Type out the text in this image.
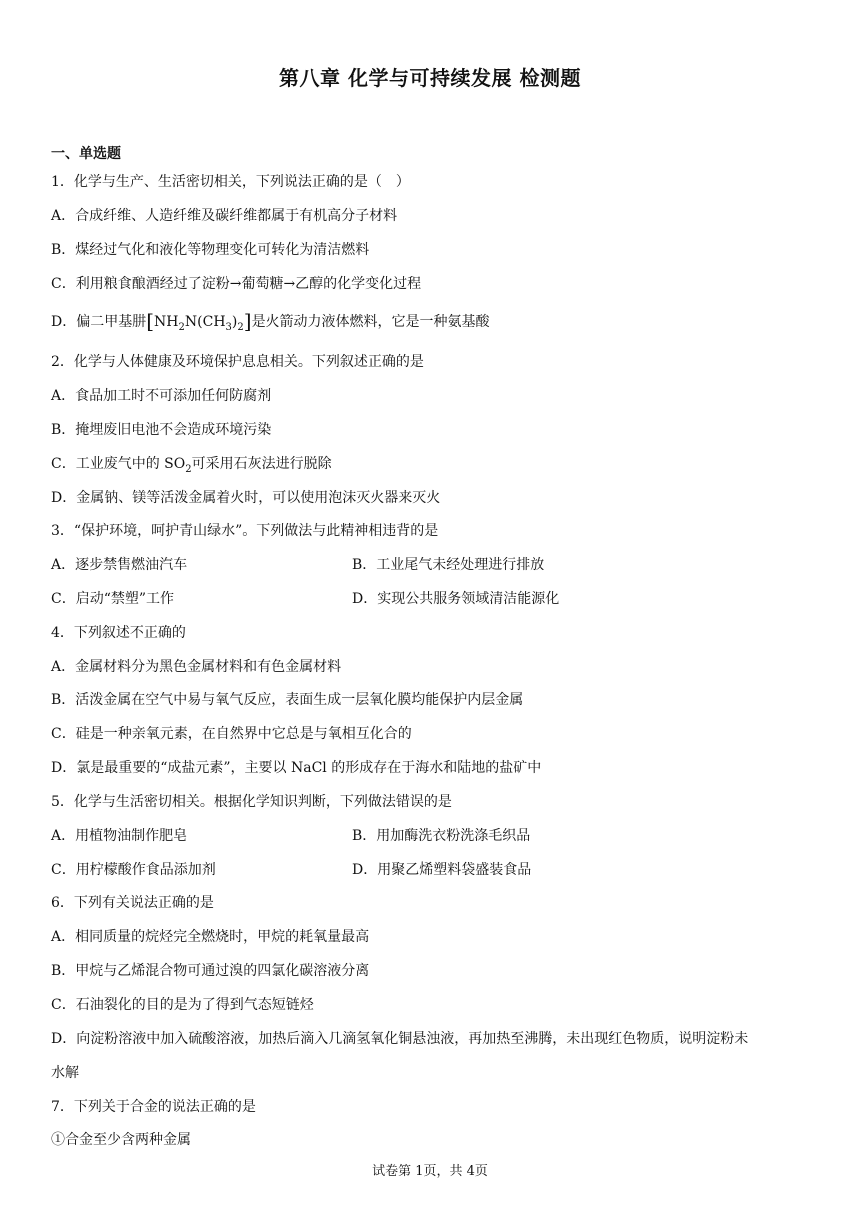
第八章 化学与可持续发展 检测题
一、单选题
1．化学与生产、生活密切相关，下列说法正确的是（　）
A．合成纤维、人造纤维及碳纤维都属于有机高分子材料
B．煤经过气化和液化等物理变化可转化为清洁燃料
C．利用粮食酿酒经过了淀粉→葡萄糖→乙醇的化学变化过程
D．偏二甲基肼$[NH_2N(CH_3)_2]$是火箭动力液体燃料，它是一种氨基酸
2．化学与人体健康及环境保护息息相关。下列叙述正确的是
A．食品加工时不可添加任何防腐剂
B．掩埋废旧电池不会造成环境污染
C．工业废气中的 $SO_2$可采用石灰法进行脱除
D．金属钠、镁等活泼金属着火时，可以使用泡沫灭火器来灭火
3．“保护环境，呵护青山绿水”。下列做法与此精神相违背的是
A．逐步禁售燃油汽车	B．工业尾气未经处理进行排放
C．启动“禁塑”工作	D．实现公共服务领域清洁能源化
4．下列叙述不正确的
A．金属材料分为黑色金属材料和有色金属材料
B．活泼金属在空气中易与氧气反应，表面生成一层氧化膜均能保护内层金属
C．硅是一种亲氧元素，在自然界中它总是与氧相互化合的
D．氯是最重要的“成盐元素”，主要以 NaCl 的形成存在于海水和陆地的盐矿中
5．化学与生活密切相关。根据化学知识判断，下列做法错误的是
A．用植物油制作肥皂	B．用加酶洗衣粉洗涤毛织品
C．用柠檬酸作食品添加剂	D．用聚乙烯塑料袋盛装食品
6．下列有关说法正确的是
A．相同质量的烷烃完全燃烧时，甲烷的耗氧量最高
B．甲烷与乙烯混合物可通过溴的四氯化碳溶液分离
C．石油裂化的目的是为了得到气态短链烃
D．向淀粉溶液中加入硫酸溶液，加热后滴入几滴氢氧化铜悬浊液，再加热至沸腾，未出现红色物质，说明淀粉未
水解
7．下列关于合金的说法正确的是
①合金至少含两种金属
试卷第 1页，共 4页
